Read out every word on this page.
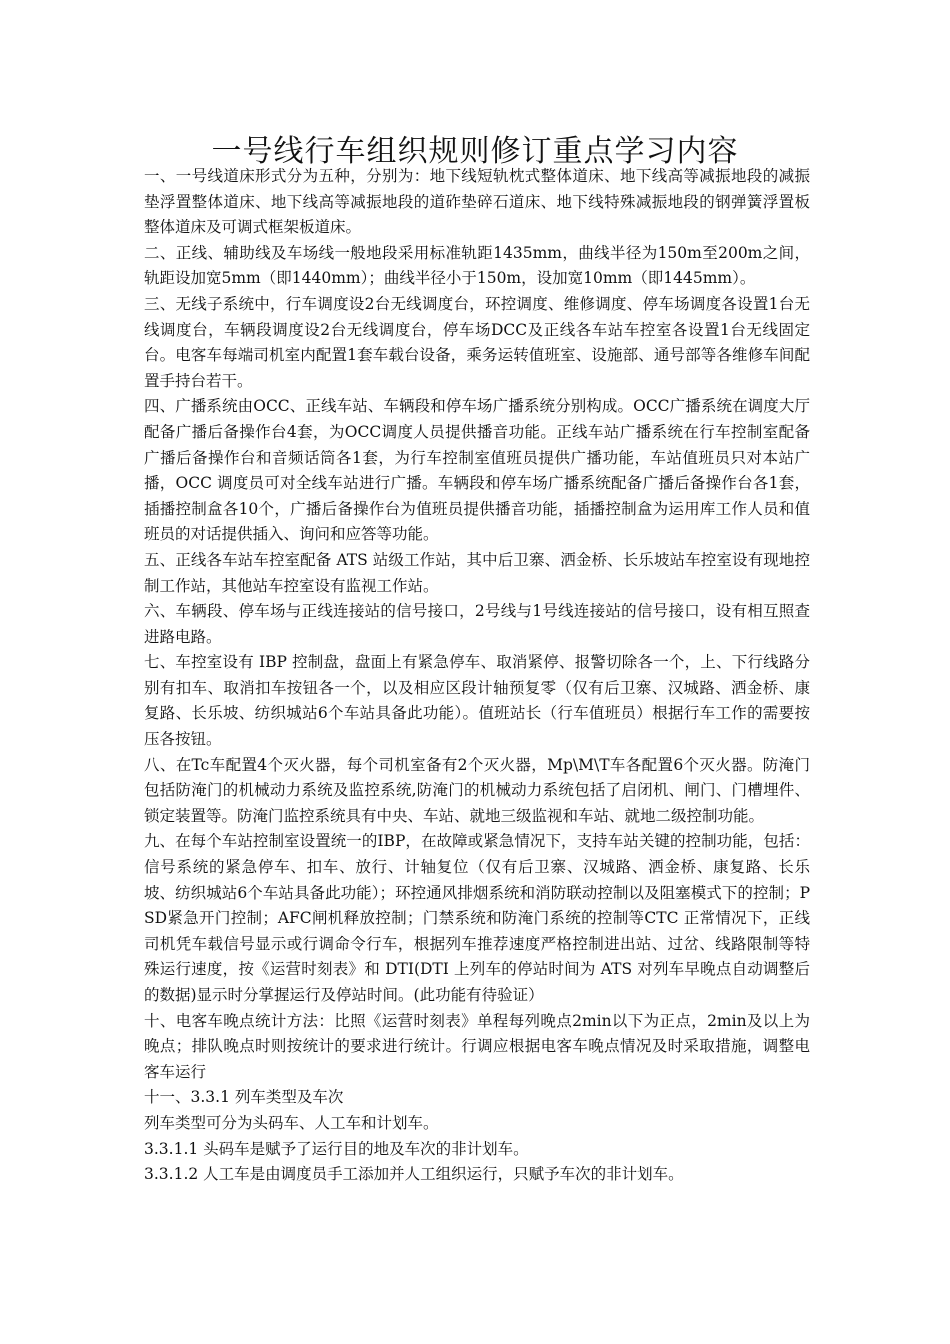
一号线行车组织规则修订重点学习内容

一、一号线道床形式分为五种，分别为：地下线短轨枕式整体道床、地下线高等减振地段的减振垫浮置整体道床、地下线高等减振地段的道砟垫碎石道床、地下线特殊减振地段的钢弹簧浮置板整体道床及可调式框架板道床。

二、正线、辅助线及车场线一般地段采用标准轨距1435mm，曲线半径为150m至200m之间，轨距设加宽5mm（即1440mm）；曲线半径小于150m，设加宽10mm（即1445mm）。

三、无线子系统中，行车调度设2台无线调度台，环控调度、维修调度、停车场调度各设置1台无线调度台，车辆段调度设2台无线调度台，停车场DCC及正线各车站车控室各设置1台无线固定台。电客车每端司机室内配置1套车载台设备，乘务运转值班室、设施部、通号部等各维修车间配置手持台若干。

四、广播系统由OCC、正线车站、车辆段和停车场广播系统分别构成。OCC广播系统在调度大厅配备广播后备操作台4套，为OCC调度人员提供播音功能。正线车站广播系统在行车控制室配备广播后备操作台和音频话筒各1套，为行车控制室值班员提供广播功能，车站值班员只对本站广播，OCC 调度员可对全线车站进行广播。车辆段和停车场广播系统配备广播后备操作台各1套，插播控制盒各10个，广播后备操作台为值班员提供播音功能，插播控制盒为运用库工作人员和值班员的对话提供插入、询问和应答等功能。

五、正线各车站车控室配备 ATS 站级工作站，其中后卫寨、洒金桥、长乐坡站车控室设有现地控制工作站，其他站车控室设有监视工作站。

六、车辆段、停车场与正线连接站的信号接口，2号线与1号线连接站的信号接口，设有相互照查进路电路。

七、车控室设有 IBP 控制盘，盘面上有紧急停车、取消紧停、报警切除各一个，上、下行线路分别有扣车、取消扣车按钮各一个，以及相应区段计轴预复零（仅有后卫寨、汉城路、洒金桥、康复路、长乐坡、纺织城站6个车站具备此功能）。值班站长（行车值班员）根据行车工作的需要按压各按钮。

八、在Tc车配置4个灭火器，每个司机室备有2个灭火器，Mp\M\T车各配置6个灭火器。防淹门包括防淹门的机械动力系统及监控系统,防淹门的机械动力系统包括了启闭机、闸门、门槽埋件、锁定装置等。防淹门监控系统具有中央、车站、就地三级监视和车站、就地二级控制功能。

九、在每个车站控制室设置统一的IBP，在故障或紧急情况下，支持车站关键的控制功能，包括：信号系统的紧急停车、扣车、放行、计轴复位（仅有后卫寨、汉城路、洒金桥、康复路、长乐坡、纺织城站6个车站具备此功能）；环控通风排烟系统和消防联动控制以及阻塞模式下的控制；PSD紧急开门控制；AFC闸机释放控制；门禁系统和防淹门系统的控制等CTC 正常情况下，正线司机凭车载信号显示或行调命令行车，根据列车推荐速度严格控制进出站、过岔、线路限制等特殊运行速度，按《运营时刻表》和 DTI(DTI 上列车的停站时间为 ATS 对列车早晚点自动调整后的数据)显示时分掌握运行及停站时间。(此功能有待验证）

十、电客车晚点统计方法：比照《运营时刻表》单程每列晚点2min以下为正点，2min及以上为晚点；排队晚点时则按统计的要求进行统计。行调应根据电客车晚点情况及时采取措施，调整电客车运行

十一、3.3.1 列车类型及车次

列车类型可分为头码车、人工车和计划车。

3.3.1.1 头码车是赋予了运行目的地及车次的非计划车。

3.3.1.2 人工车是由调度员手工添加并人工组织运行，只赋予车次的非计划车。
